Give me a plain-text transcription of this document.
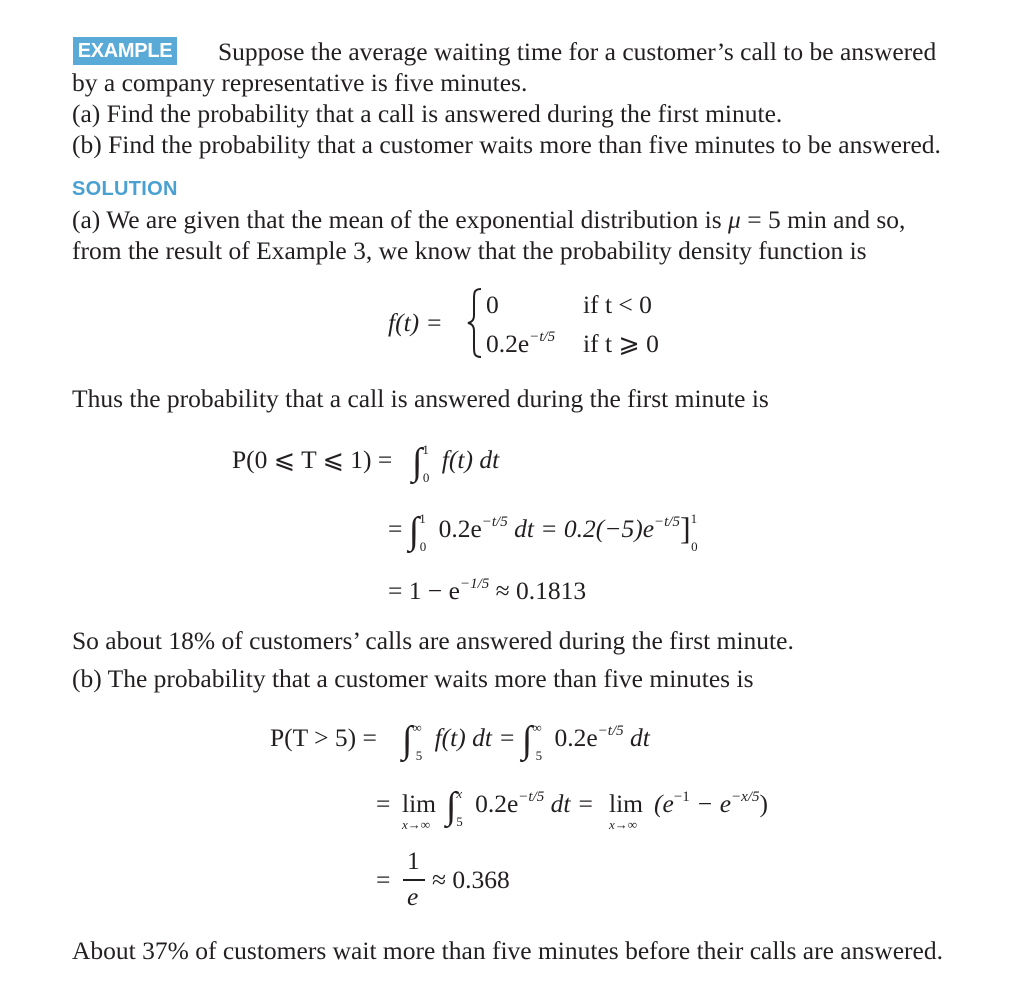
EXAMPLE Suppose the average waiting time for a customer’s call to be answered
by a company representative is five minutes.
(a) Find the probability that a call is answered during the first minute.
(b) Find the probability that a customer waits more than five minutes to be answered.
SOLUTION
(a) We are given that the mean of the exponential distribution is μ = 5 min and so,
from the result of Example 3, we know that the probability density function is
f(t) =
0	if t < 0
$0.2e^{-t/5}$ if t ⩾ 0
Thus the probability that a call is answered during the first minute is
P(0 ⩽ T ⩽ 1) = ∫$^1_0$ f(t) dt
= ∫$^1_0$ $0.2e^{-t/5}$ dt = $0.2(-5)e^{-t/5}]^1_0$
= $1 - e^{-1/5} \approx 0.1813$
So about 18% of customers’ calls are answered during the first minute.
(b) The probability that a customer waits more than five minutes is
$P(T > 5) = \int^\infty_5$ f(t) dt = $\int^\infty_5$ $0.2e^{-t/5}$ dt
= lim
x→∞ ∫$^x_5$ $0.2e^{-t/5}$ dt = lim
x→∞
$(e^{-1} - e^{-x/5})$
=
1
e
≈ 0.368
About 37% of customers wait more than five minutes before their calls are answered.
